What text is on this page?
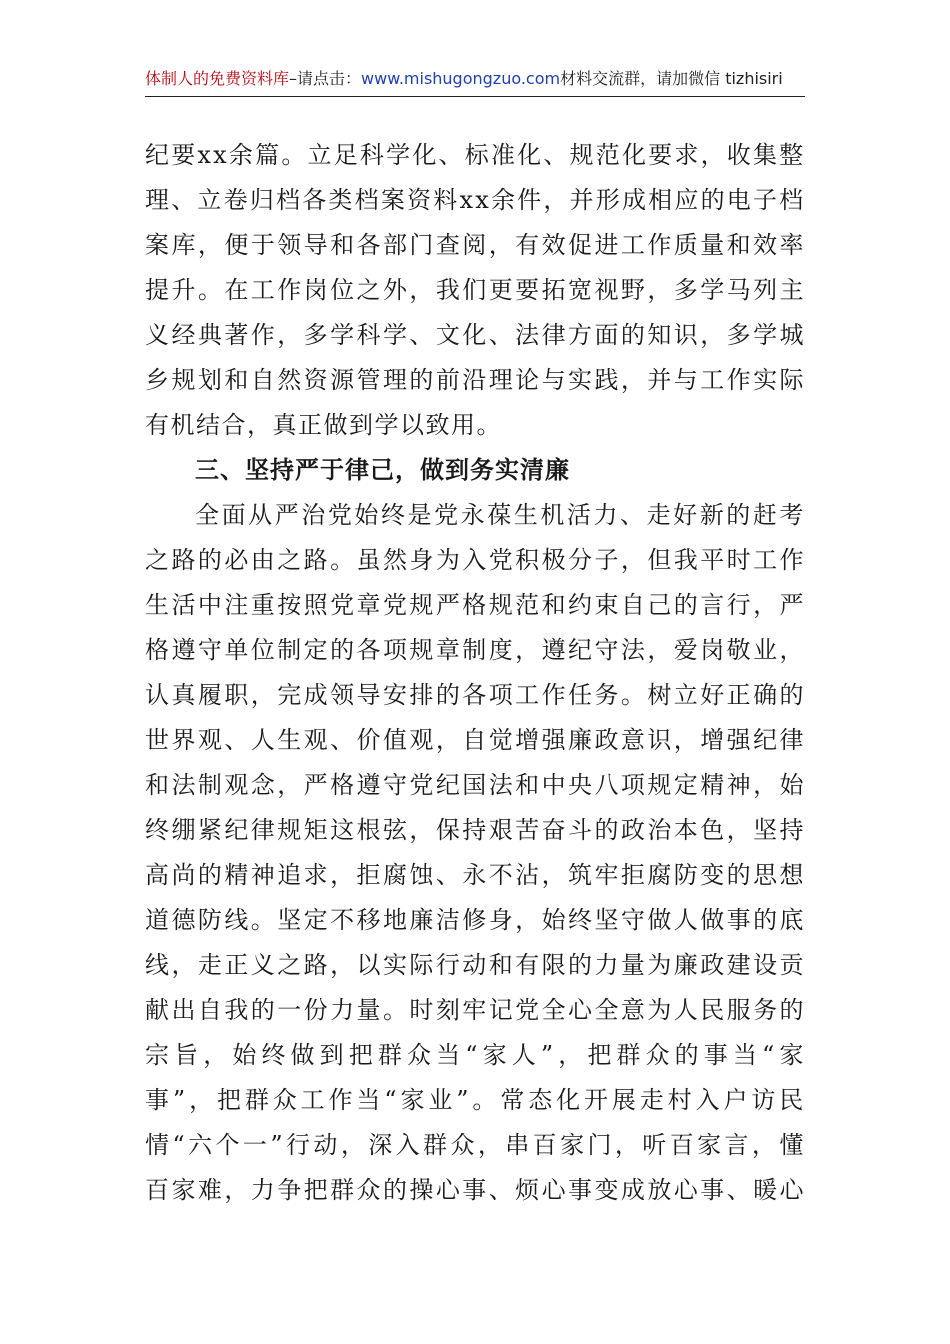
体制人的免费资料库–请点击：www.mishugongzuo.com材料交流群，请加微信 tizhisiri
纪 要 x x 余 篇 。 立 足 科 学 化 、 标 准 化 、 规 范 化 要 求 ， 收 集 整
理 、 立 卷 归 档 各 类 档 案 资 料 x x 余 件 ， 并 形 成 相 应 的 电 子 档
案 库 ， 便 于 领 导 和 各 部 门 查 阅 ， 有 效 促 进 工 作 质 量 和 效 率
提 升 。 在 工 作 岗 位 之 外 ， 我 们 更 要 拓 宽 视 野 ， 多 学 马 列 主
义 经 典 著 作 ， 多 学 科 学 、 文 化 、 法 律 方 面 的 知 识 ， 多 学 城
乡 规 划 和 自 然 资 源 管 理 的 前 沿 理 论 与 实 践 ， 并 与 工 作 实 际
有机结合，真正做到学以致用。
三、坚持严于律己，做到务实清廉
全 面 从 严 治 党 始 终 是 党 永 葆 生 机 活 力 、 走 好 新 的 赶 考
之 路 的 必 由 之 路 。 虽 然 身 为 入 党 积 极 分 子 ， 但 我 平 时 工 作
生 活 中 注 重 按 照 党 章 党 规 严 格 规 范 和 约 束 自 己 的 言 行 ， 严
格 遵 守 单 位 制 定 的 各 项 规 章 制 度 ， 遵 纪 守 法 ， 爱 岗 敬 业 ，
认 真 履 职 ， 完 成 领 导 安 排 的 各 项 工 作 任 务 。 树 立 好 正 确 的
世 界 观 、 人 生 观 、 价 值 观 ， 自 觉 增 强 廉 政 意 识 ， 增 强 纪 律
和 法 制 观 念 ， 严 格 遵 守 党 纪 国 法 和 中 央 八 项 规 定 精 神 ， 始
终 绷 紧 纪 律 规 矩 这 根 弦 ， 保 持 艰 苦 奋 斗 的 政 治 本 色 ， 坚 持
高 尚 的 精 神 追 求 ， 拒 腐 蚀 、 永 不 沾 ， 筑 牢 拒 腐 防 变 的 思 想
道 德 防 线 。 坚 定 不 移 地 廉 洁 修 身 ， 始 终 坚 守 做 人 做 事 的 底
线 ， 走 正 义 之 路 ， 以 实 际 行 动 和 有 限 的 力 量 为 廉 政 建 设 贡
献 出 自 我 的 一 份 力 量 。 时 刻 牢 记 党 全 心 全 意 为 人 民 服 务 的
宗 旨 ， 始 终 做 到 把 群 众 当 “ 家 人 ” ， 把 群 众 的 事 当 “ 家
事 ” ， 把 群 众 工 作 当 “ 家 业 ” 。 常 态 化 开 展 走 村 入 户 访 民
情 “ 六 个 一 ” 行 动 ， 深 入 群 众 ， 串 百 家 门 ， 听 百 家 言 ， 懂
百 家 难 ， 力 争 把 群 众 的 操 心 事 、 烦 心 事 变 成 放 心 事 、 暖 心
